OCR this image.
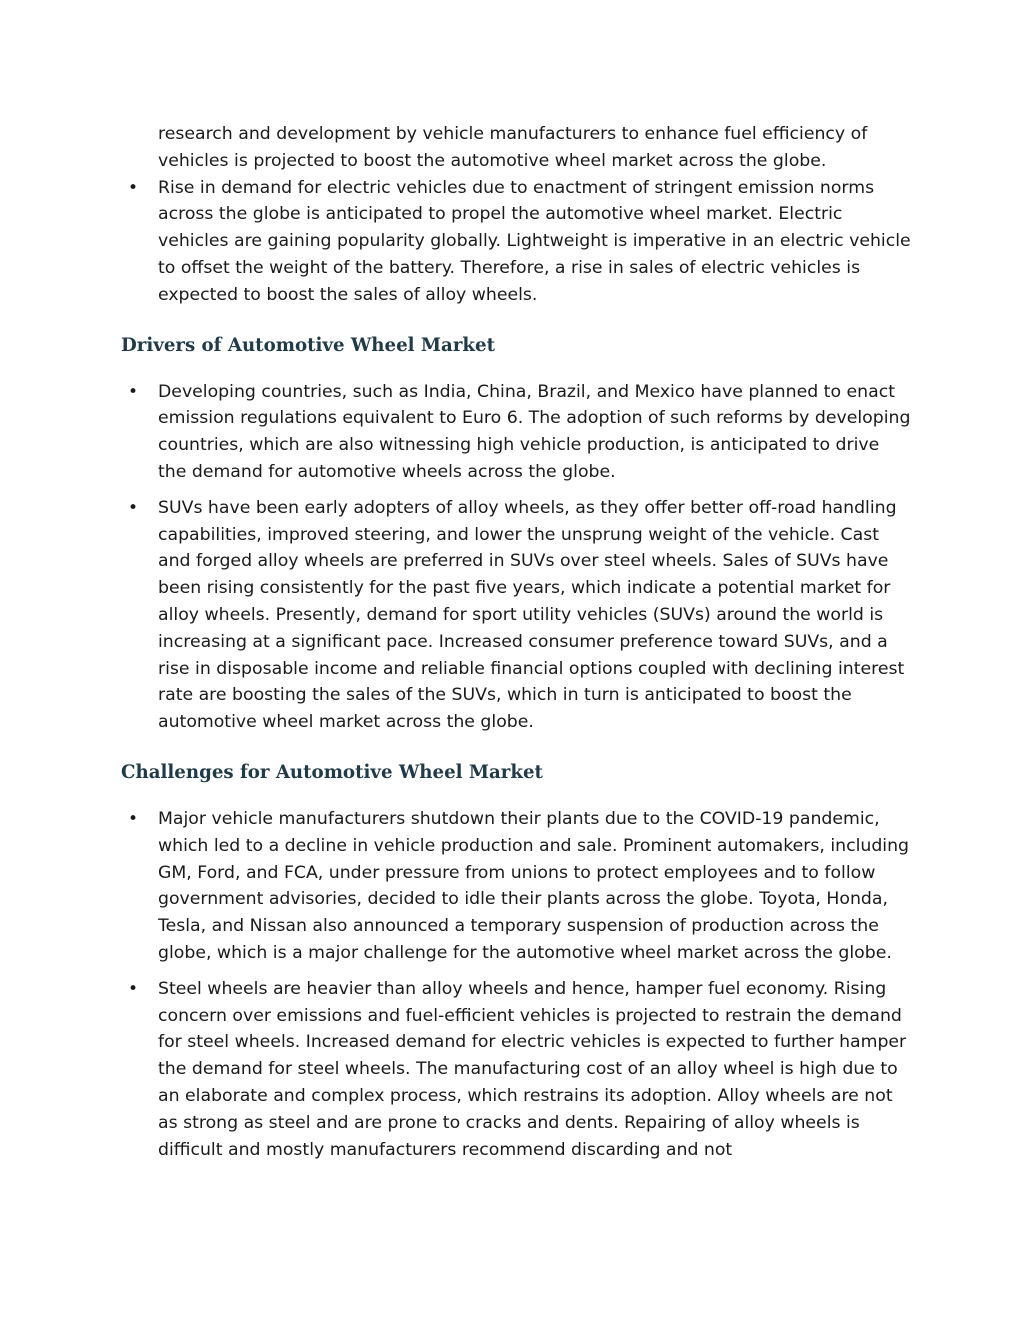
research and development by vehicle manufacturers to enhance fuel efficiency of vehicles is projected to boost the automotive wheel market across the globe.
• Rise in demand for electric vehicles due to enactment of stringent emission norms across the globe is anticipated to propel the automotive wheel market. Electric vehicles are gaining popularity globally. Lightweight is imperative in an electric vehicle to offset the weight of the battery. Therefore, a rise in sales of electric vehicles is expected to boost the sales of alloy wheels.
Drivers of Automotive Wheel Market
• Developing countries, such as India, China, Brazil, and Mexico have planned to enact emission regulations equivalent to Euro 6. The adoption of such reforms by developing countries, which are also witnessing high vehicle production, is anticipated to drive the demand for automotive wheels across the globe.
• SUVs have been early adopters of alloy wheels, as they offer better off-road handling capabilities, improved steering, and lower the unsprung weight of the vehicle. Cast and forged alloy wheels are preferred in SUVs over steel wheels. Sales of SUVs have been rising consistently for the past five years, which indicate a potential market for alloy wheels. Presently, demand for sport utility vehicles (SUVs) around the world is increasing at a significant pace. Increased consumer preference toward SUVs, and a rise in disposable income and reliable financial options coupled with declining interest rate are boosting the sales of the SUVs, which in turn is anticipated to boost the automotive wheel market across the globe.
Challenges for Automotive Wheel Market
• Major vehicle manufacturers shutdown their plants due to the COVID-19 pandemic, which led to a decline in vehicle production and sale. Prominent automakers, including GM, Ford, and FCA, under pressure from unions to protect employees and to follow government advisories, decided to idle their plants across the globe. Toyota, Honda, Tesla, and Nissan also announced a temporary suspension of production across the globe, which is a major challenge for the automotive wheel market across the globe.
• Steel wheels are heavier than alloy wheels and hence, hamper fuel economy. Rising concern over emissions and fuel-efficient vehicles is projected to restrain the demand for steel wheels. Increased demand for electric vehicles is expected to further hamper the demand for steel wheels. The manufacturing cost of an alloy wheel is high due to an elaborate and complex process, which restrains its adoption. Alloy wheels are not as strong as steel and are prone to cracks and dents. Repairing of alloy wheels is difficult and mostly manufacturers recommend discarding and not
